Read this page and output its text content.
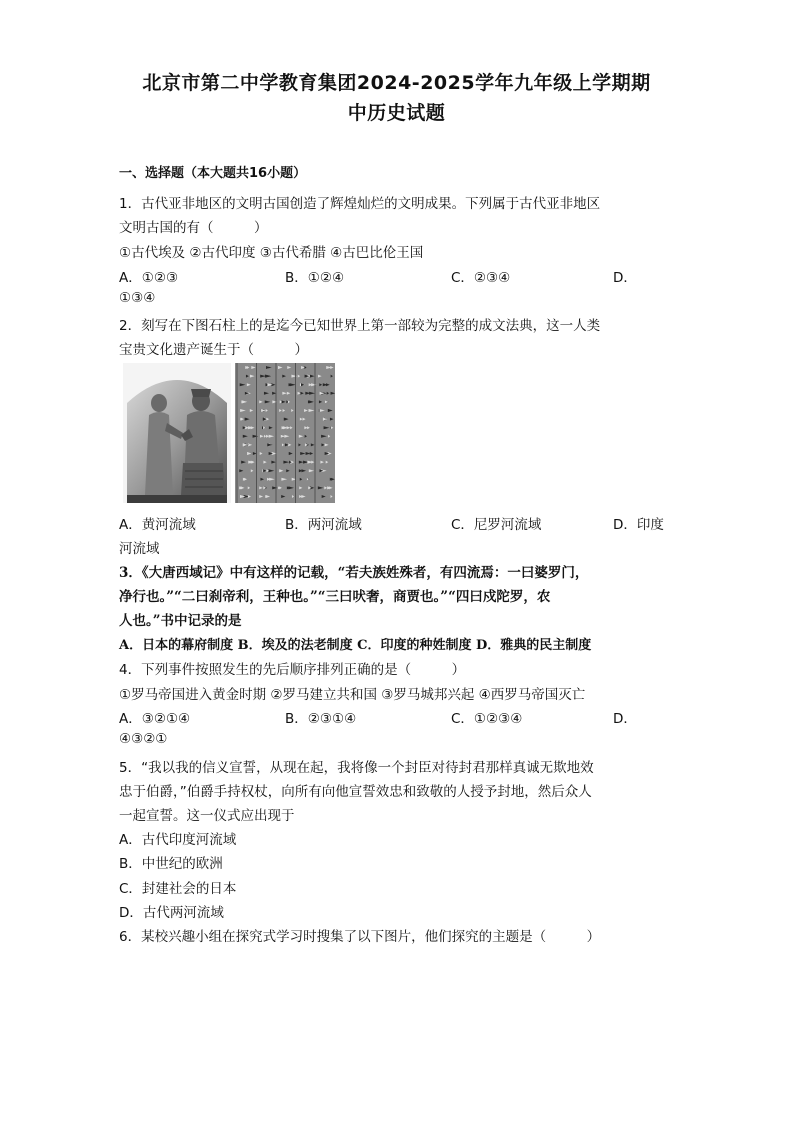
北京市第二中学教育集团2024-2025学年九年级上学期期
中历史试题
一、选择题（本大题共16小题）
1．古代亚非地区的文明古国创造了辉煌灿烂的文明成果。下列属于古代亚非地区
文明古国的有（　　　）
①古代埃及 ②古代印度 ③古代希腊 ④古巴比伦王国
A．①②③	B．①②④	C．②③④	D．
①③④
2．刻写在下图石柱上的是迄今已知世界上第一部较为完整的成文法典，这一人类
宝贵文化遗产诞生于（　　　）
A．黄河流域	B．两河流域	C．尼罗河流域	D．印度
河流域
3．《大唐西域记》中有这样的记载，“若夫族姓殊者，有四流焉：一曰婆罗门，
净行也。”“二曰刹帝利，王种也。”“三曰吠奢，商贾也。”“四曰戍陀罗，农
人也。”书中记录的是
A．日本的幕府制度 B．埃及的法老制度 C．印度的种姓制度 D．雅典的民主制度
4．下列事件按照发生的先后顺序排列正确的是（　　　）
①罗马帝国进入黄金时期 ②罗马建立共和国 ③罗马城邦兴起 ④西罗马帝国灭亡
A．③②①④	B．②③①④	C．①②③④	D．
④③②①
5．“我以我的信义宣誓，从现在起，我将像一个封臣对待封君那样真诚无欺地效
忠于伯爵，”伯爵手持权杖，向所有向他宣誓效忠和致敬的人授予封地，然后众人
一起宣誓。这一仪式应出现于
A．古代印度河流域
B．中世纪的欧洲
C．封建社会的日本
D．古代两河流域
6．某校兴趣小组在探究式学习时搜集了以下图片，他们探究的主题是（　　　）
